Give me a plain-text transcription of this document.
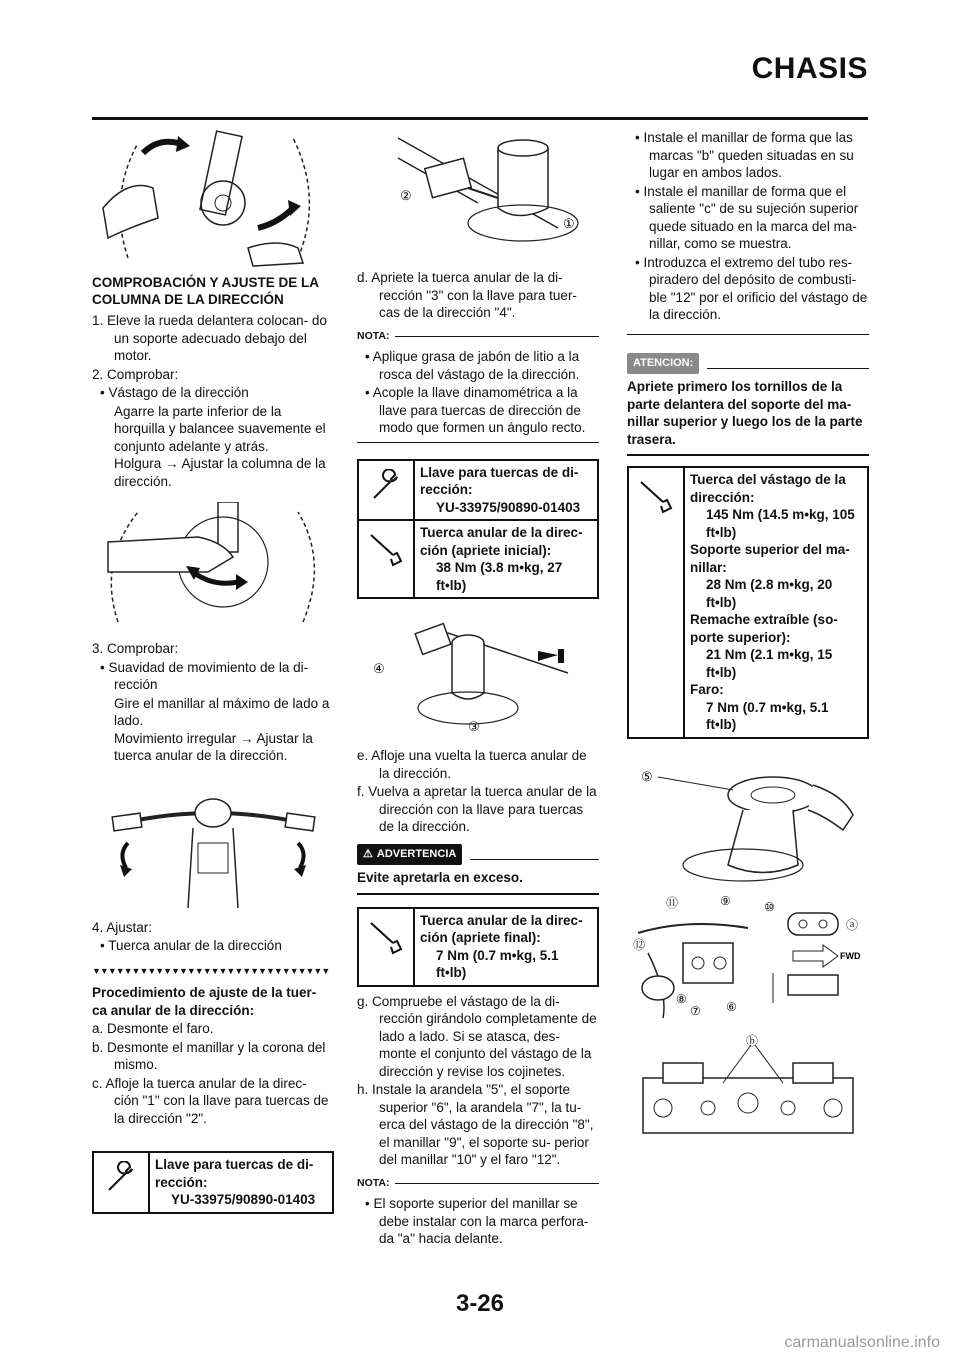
CHASIS
COMPROBACIÓN Y AJUSTE DE LA COLUMNA DE LA DIRECCIÓN

1. Eleve la rueda delantera colocan- do un soporte adecuado debajo del motor.

2. Comprobar:

• Vástago de la dirección

Agarre la parte inferior de la horquilla y balancee suavemente el conjunto adelante y atrás.

Holgura → Ajustar la columna de la dirección.

3. Comprobar:

• Suavidad de movimiento de la di- rección

Gire el manillar al máximo de lado a lado.

Movimiento irregular → Ajustar la tuerca anular de la dirección.

4. Ajustar:

• Tuerca anular de la dirección

▼▼▼▼▼▼▼▼▼▼▼▼▼▼▼▼▼▼▼▼▼▼▼▼▼▼▼▼▼▼

Procedimiento de ajuste de la tuer- ca anular de la dirección:

a. Desmonte el faro.

b. Desmonte el manillar y la corona del mismo.

c. Afloje la tuerca anular de la direc- ción "1" con la llave para tuercas de la dirección "2".

Llave para tuercas de di- rección:
YU-33975/90890-01403
②
①

d. Apriete la tuerca anular de la di- rección "3" con la llave para tuer- cas de la dirección "4".

NOTA:

• Aplique grasa de jabón de litio a la rosca del vástago de la dirección.

• Acople la llave dinamométrica a la llave para tuercas de dirección de modo que formen un ángulo recto.

Llave para tuercas de di- rección:
YU-33975/90890-01403
Tuerca anular de la direc- ción (apriete inicial):
38 Nm (3.8 m•kg, 27 ft•lb)
④
③

e. Afloje una vuelta la tuerca anular de la dirección.

f. Vuelva a apretar la tuerca anular de la dirección con la llave para tuercas de la dirección.

⚠ ADVERTENCIA

Evite apretarla en exceso.

Tuerca anular de la direc- ción (apriete final):
7 Nm (0.7 m•kg, 5.1 ft•lb)

g. Compruebe el vástago de la di- rección girándolo completamente de lado a lado. Si se atasca, des- monte el conjunto del vástago de la dirección y revise los cojinetes.

h. Instale la arandela "5", el soporte superior "6", la arandela "7", la tu- erca del vástago de la dirección "8", el manillar "9", el soporte su- perior del manillar "10" y el faro "12".

NOTA:

• El soporte superior del manillar se debe instalar con la marca perfora- da "a" hacia delante.

• Instale el manillar de forma que las marcas "b" queden situadas en su lugar en ambos lados.

• Instale el manillar de forma que el saliente "c" de su sujeción superior quede situado en la marca del ma- nillar, como se muestra.

• Introduzca el extremo del tubo res- piradero del depósito de combusti- ble "12" por el orificio del vástago de la dirección.

ATENCION:

Apriete primero los tornillos de la parte delantera del soporte del ma- nillar superior y luego los de la parte trasera.

Tuerca del vástago de la dirección:
145 Nm (14.5 m•kg, 105 ft•lb)
Soporte superior del ma- nillar:
28 Nm (2.8 m•kg, 20 ft•lb)
Remache extraíble (so- porte superior):
21 Nm (2.1 m•kg, 15 ft•lb)
Faro:
7 Nm (0.7 m•kg, 5.1 ft•lb)
⑤
⑪	⑨
⑫
⑧
⑦ ⑥
⑩
ⓐ
FWD
ⓑ
3-26
carmanualsonline.info
